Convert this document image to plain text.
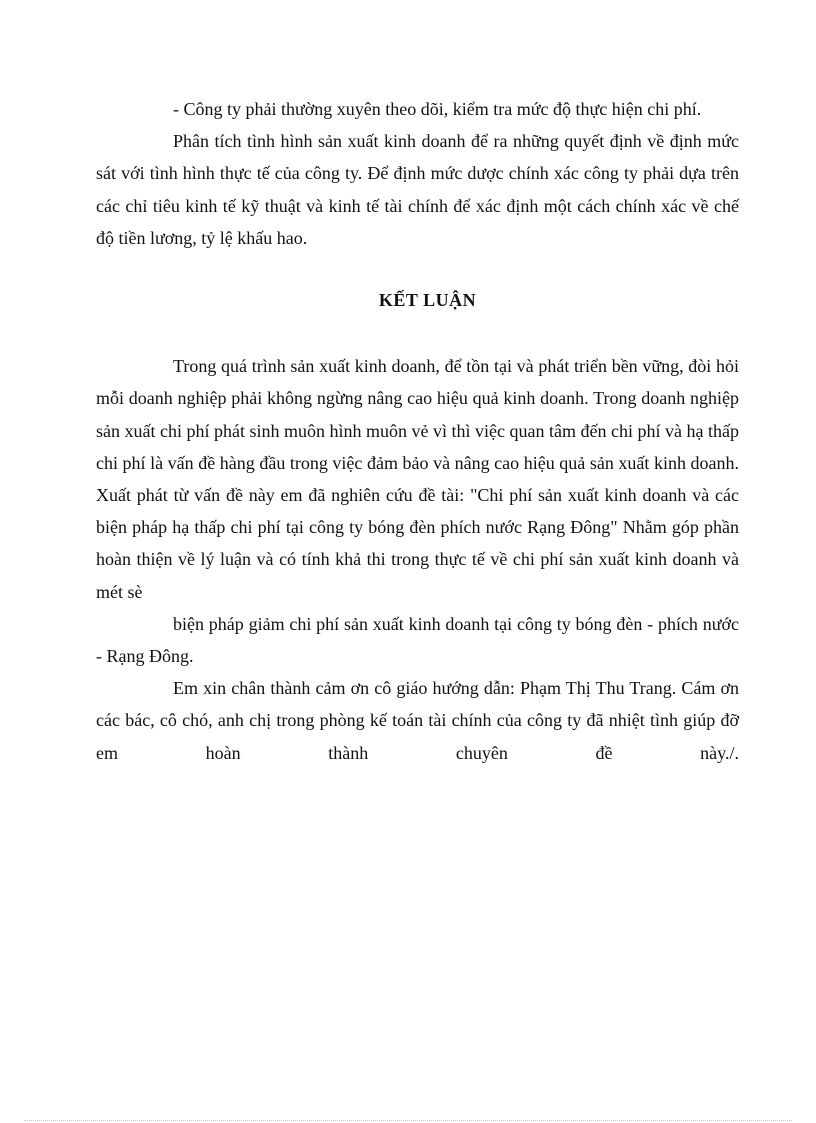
- Công ty phải thường xuyên theo dõi, kiểm tra mức độ thực hiện chi phí.

Phân tích tình hình sản xuất kinh doanh để ra những quyết định về định mức sát với tình hình thực tế của công ty. Để định mức dược chính xác công ty phải dựa trên các chỉ tiêu kinh tế kỹ thuật và kinh tế tài chính để xác định một cách chính xác về chế độ tiền lương, tỷ lệ khấu hao.

KẾT LUẬN

Trong quá trình sản xuất kinh doanh, để tồn tại và phát triển bền vững, đòi hỏi mỗi doanh nghiệp phải không ngừng nâng cao hiệu quả kinh doanh. Trong doanh nghiệp sản xuất chi phí phát sinh muôn hình muôn vẻ vì thì việc quan tâm đến chi phí và hạ thấp chi phí là vấn đề hàng đầu trong việc đảm bảo và nâng cao hiệu quả sản xuất kinh doanh. Xuất phát từ vấn đề này em đã nghiên cứu đề tài: "Chi phí sản xuất kinh doanh và các biện pháp hạ thấp chi phí tại công ty bóng đèn phích nước Rạng Đông" Nhằm góp phần hoàn thiện về lý luận và có tính khả thi trong thực tế về chi phí sản xuất kinh doanh và mét sè

biện pháp giảm chi phí sản xuất kinh doanh tại công ty bóng đèn - phích nước - Rạng Đông.

Em xin chân thành cảm ơn cô giáo hướng dẫn: Phạm Thị Thu Trang. Cám ơn các bác, cô chó, anh chị trong phòng kế toán tài chính của công ty đã nhiệt tình giúp đỡ em hoàn thành chuyên đề này./.
